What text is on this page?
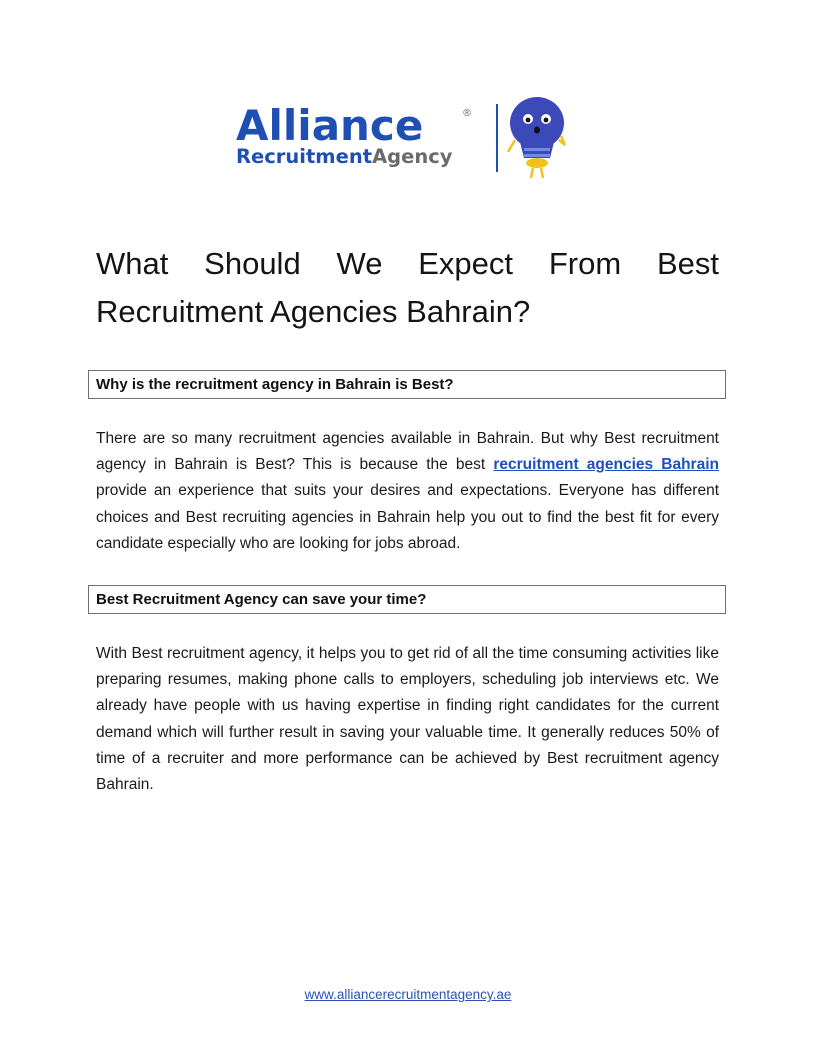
Alliance
RecruitmentAgency
®
What Should We Expect From Best
Recruitment Agencies Bahrain?
Why is the recruitment agency in Bahrain is Best?

There are so many recruitment agencies available in Bahrain. But why Best recruitment agency in Bahrain is Best? This is because the best recruitment agencies Bahrain provide an experience that suits your desires and expectations. Everyone has different choices and Best recruiting agencies in Bahrain help you out to find the best fit for every candidate especially who are looking for jobs abroad.

Best Recruitment Agency can save your time?

With Best recruitment agency, it helps you to get rid of all the time consuming activities like preparing resumes, making phone calls to employers, scheduling job interviews etc. We already have people with us having expertise in finding right candidates for the current demand which will further result in saving your valuable time. It generally reduces 50% of time of a recruiter and more performance can be achieved by Best recruitment agency Bahrain.

www.alliancerecruitmentagency.ae
